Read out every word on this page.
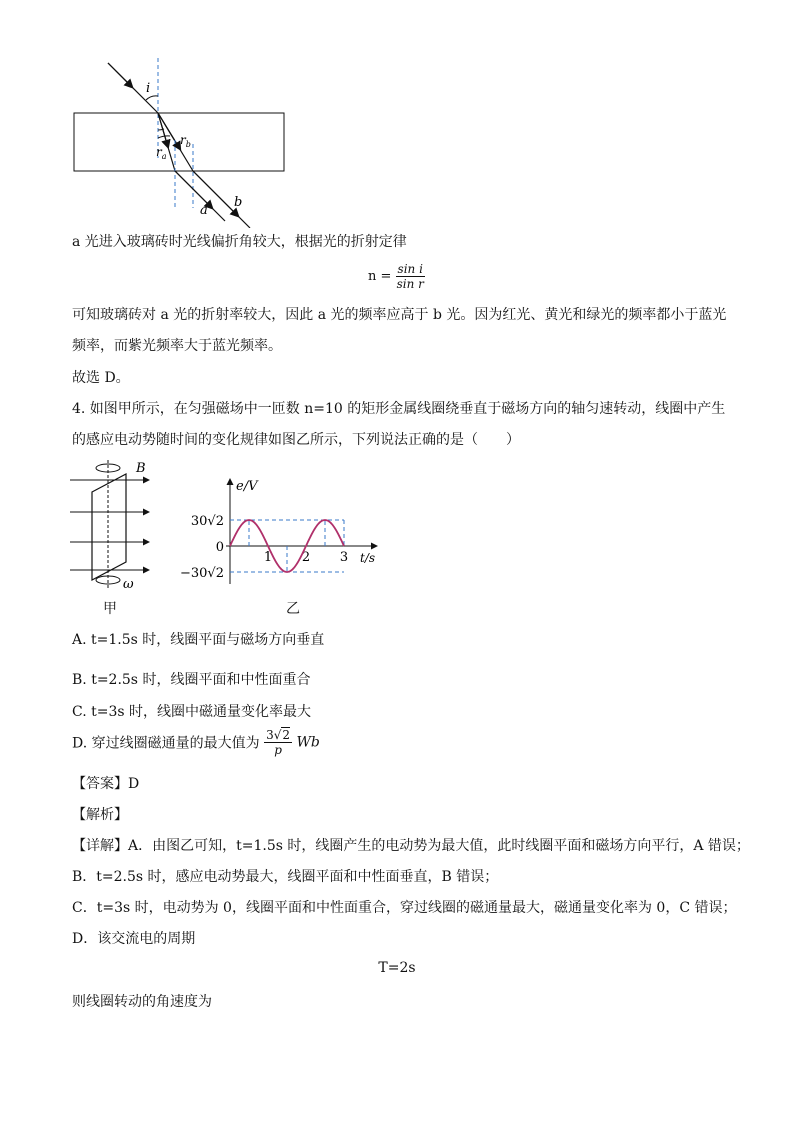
i
$r_b$
$r_a$
a
b
a 光进入玻璃砖时光线偏折角较大，根据光的折射定律
$n = \frac{\text{sin i}}{\text{sin r}}$
可知玻璃砖对 a 光的折射率较大，因此 a 光的频率应高于 b 光。因为红光、黄光和绿光的频率都小于蓝光
频率，而紫光频率大于蓝光频率。
故选 D。
4. 如图甲所示，在匀强磁场中一匝数 n=10 的矩形金属线圈绕垂直于磁场方向的轴匀速转动，线圈中产生
的感应电动势随时间的变化规律如图乙所示，下列说法正确的是（　　）
B
ω
甲
e/V
t/s
30√2
0
−30√2
1 2 3
乙
A. t=1.5s 时，线圈平面与磁场方向垂直
B. t=2.5s 时，线圈平面和中性面重合
C. t=3s 时，线圈中磁通量变化率最大
D. 穿过线圈磁通量的最大值为 $\frac{3√2}{p}$ Wb
【答案】D
【解析】
【详解】A．由图乙可知，t=1.5s 时，线圈产生的电动势为最大值，此时线圈平面和磁场方向平行，A 错误；
B．t=2.5s 时，感应电动势最大，线圈平面和中性面垂直，B 错误；
C．t=3s 时，电动势为 0，线圈平面和中性面重合，穿过线圈的磁通量最大，磁通量变化率为 0，C 错误；
D．该交流电的周期
T=2s
则线圈转动的角速度为
